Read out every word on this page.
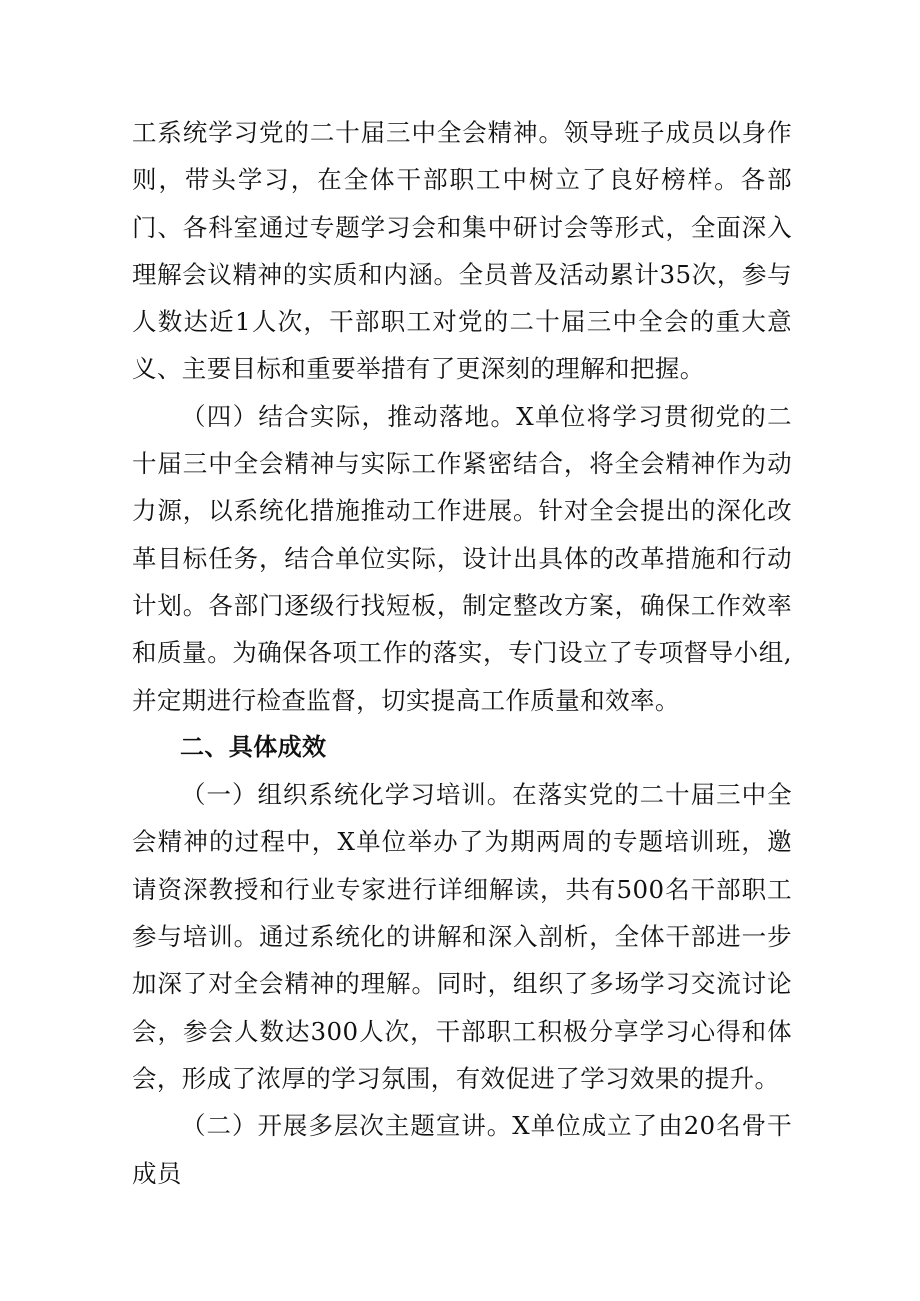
工系统学习党的二十届三中全会精神。领导班子成员以身作则，带头学习，在全体干部职工中树立了良好榜样。各部门、各科室通过专题学习会和集中研讨会等形式，全面深入理解会议精神的实质和内涵。全员普及活动累计35次，参与人数达近1人次，干部职工对党的二十届三中全会的重大意义、主要目标和重要举措有了更深刻的理解和把握。

（四）结合实际，推动落地。X单位将学习贯彻党的二十届三中全会精神与实际工作紧密结合，将全会精神作为动力源，以系统化措施推动工作进展。针对全会提出的深化改革目标任务，结合单位实际，设计出具体的改革措施和行动计划。各部门逐级行找短板，制定整改方案，确保工作效率和质量。为确保各项工作的落实，专门设立了专项督导小组,并定期进行检查监督，切实提高工作质量和效率。

二、具体成效

（一）组织系统化学习培训。在落实党的二十届三中全会精神的过程中，X单位举办了为期两周的专题培训班，邀请资深教授和行业专家进行详细解读，共有500名干部职工参与培训。通过系统化的讲解和深入剖析，全体干部进一步加深了对全会精神的理解。同时，组织了多场学习交流讨论会，参会人数达300人次，干部职工积极分享学习心得和体会，形成了浓厚的学习氛围，有效促进了学习效果的提升。

（二）开展多层次主题宣讲。X单位成立了由20名骨干成员
